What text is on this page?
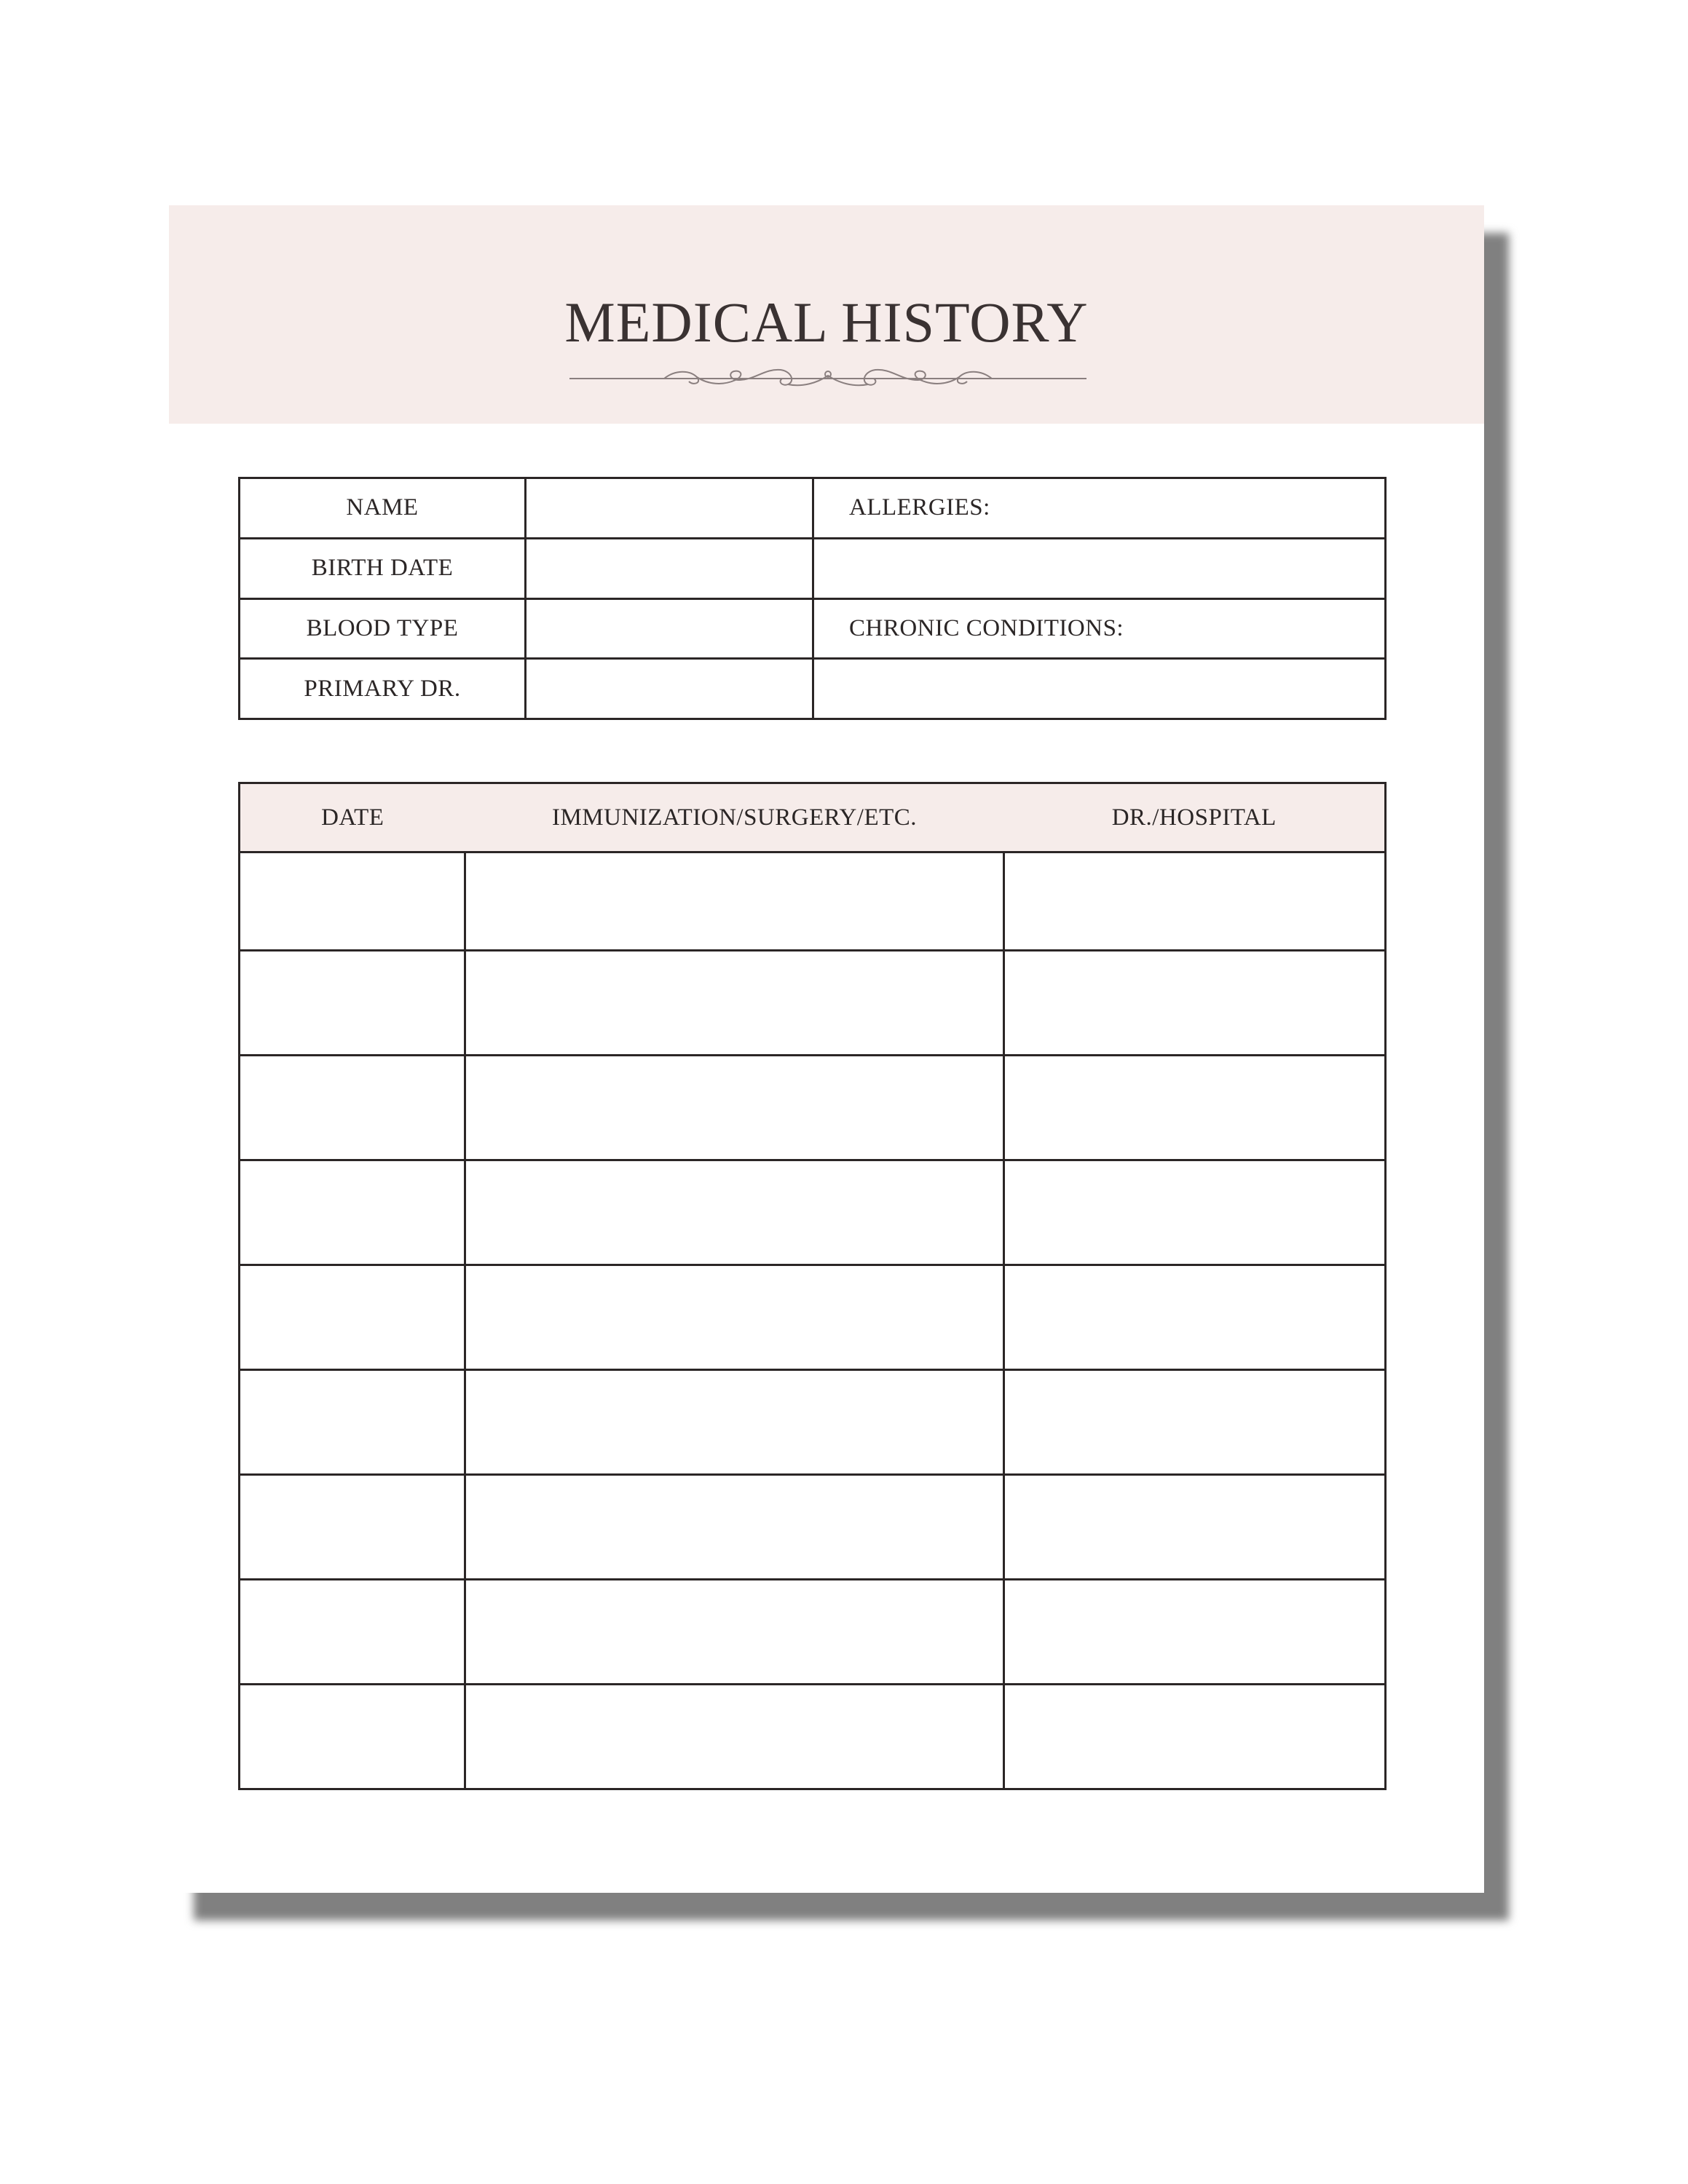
MEDICAL HISTORY
NAME		ALLERGIES:
BIRTH DATE		
BLOOD TYPE		CHRONIC CONDITIONS:
PRIMARY DR.		
DATE	IMMUNIZATION/SURGERY/ETC.	DR./HOSPITAL
